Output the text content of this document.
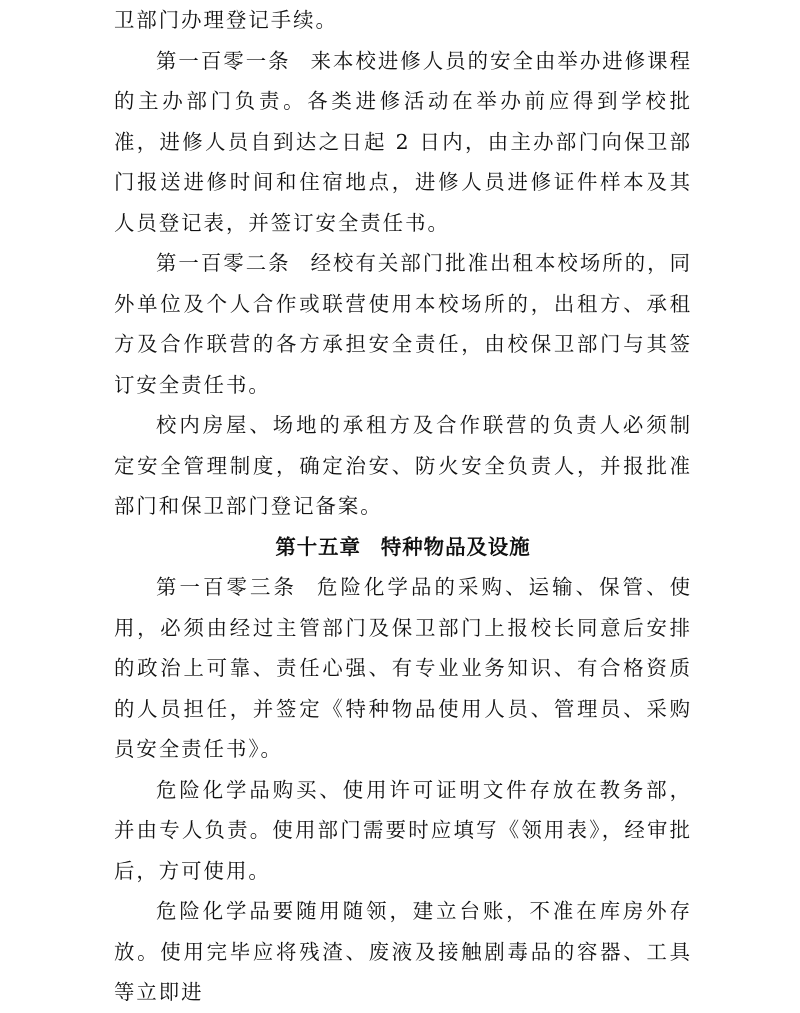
卫部门办理登记手续。

第一百零一条 来本校进修人员的安全由举办进修课程的主办部门负责。各类进修活动在举办前应得到学校批准，进修人员自到达之日起 2 日内，由主办部门向保卫部门报送进修时间和住宿地点，进修人员进修证件样本及其人员登记表，并签订安全责任书。

第一百零二条 经校有关部门批准出租本校场所的，同外单位及个人合作或联营使用本校场所的，出租方、承租方及合作联营的各方承担安全责任，由校保卫部门与其签订安全责任书。

校内房屋、场地的承租方及合作联营的负责人必须制定安全管理制度，确定治安、防火安全负责人，并报批准部门和保卫部门登记备案。

第十五章 特种物品及设施

第一百零三条 危险化学品的采购、运输、保管、使用，必须由经过主管部门及保卫部门上报校长同意后安排的政治上可靠、责任心强、有专业业务知识、有合格资质的人员担任，并签定《特种物品使用人员、管理员、采购员安全责任书》。

危险化学品购买、使用许可证明文件存放在教务部，并由专人负责。使用部门需要时应填写《领用表》，经审批后，方可使用。

危险化学品要随用随领，建立台账，不准在库房外存放。使用完毕应将残渣、废液及接触剧毒品的容器、工具等立即进
